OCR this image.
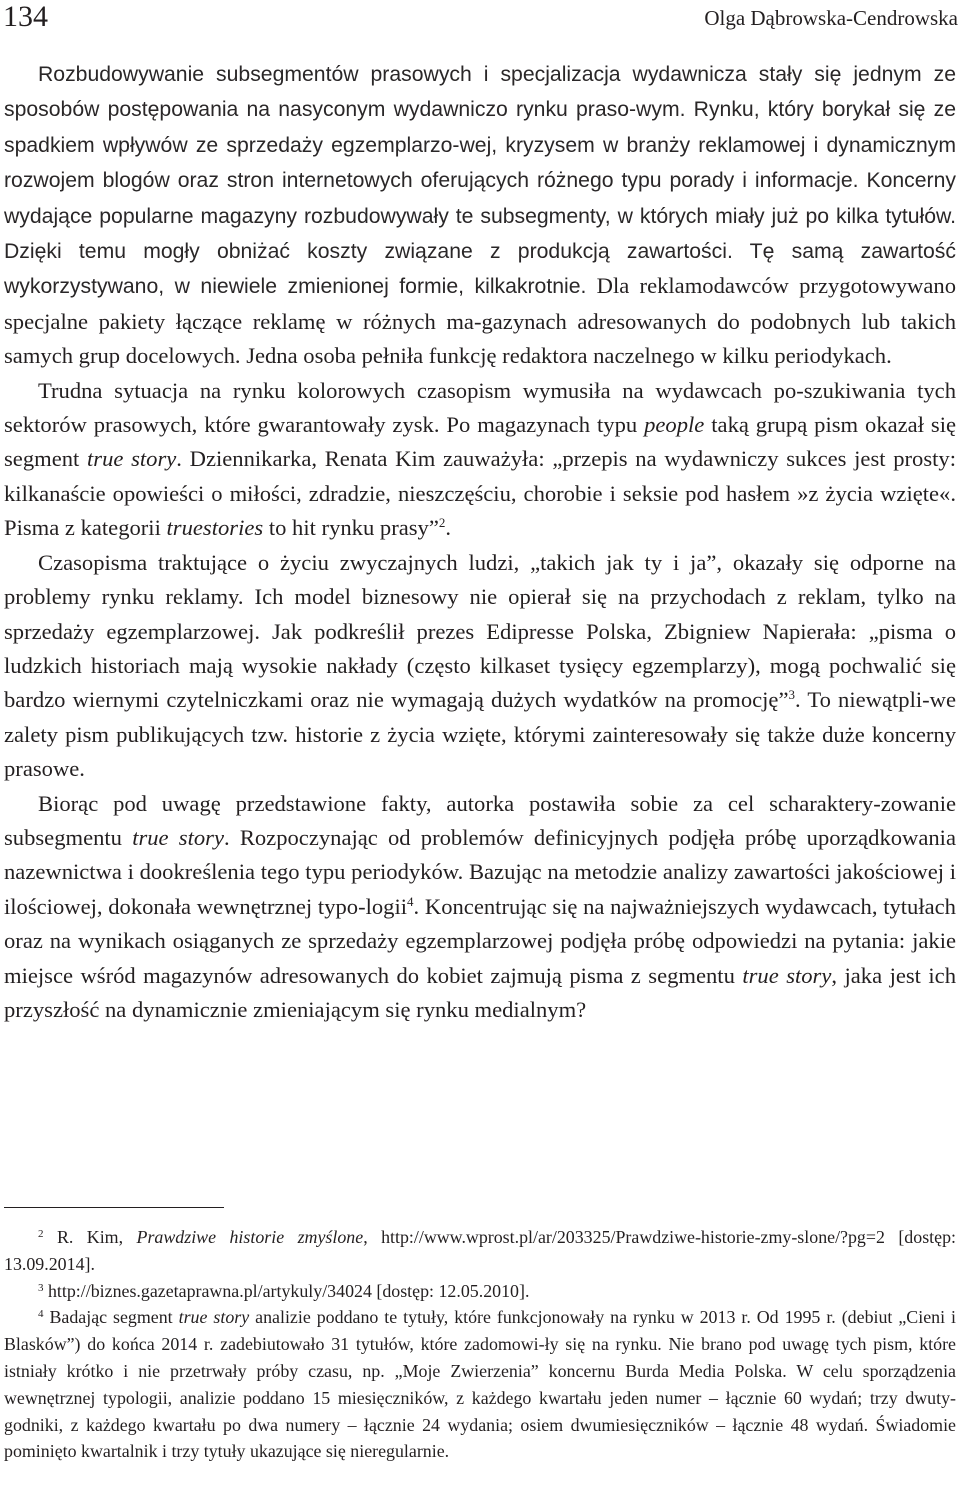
134	Olga Dąbrowska-Cendrowska

Rozbudowywanie subsegmentów prasowych i specjalizacja wydawnicza stały się jednym ze sposobów postępowania na nasyconym wydawniczo rynku praso-wym. Rynku, który borykał się ze spadkiem wpływów ze sprzedaży egzemplarzo-wej, kryzysem w branży reklamowej i dynamicznym rozwojem blogów oraz stron internetowych oferujących różnego typu porady i informacje. Koncerny wydające popularne magazyny rozbudowywały te subsegmenty, w których miały już po kilka tytułów. Dzięki temu mogły obniżać koszty związane z produkcją zawartości. Tę samą zawartość wykorzystywano, w niewiele zmienionej formie, kilkakrotnie. Dla reklamodawców przygotowywano specjalne pakiety łączące reklamę w różnych ma-gazynach adresowanych do podobnych lub takich samych grup docelowych. Jedna osoba pełniła funkcję redaktora naczelnego w kilku periodykach.

Trudna sytuacja na rynku kolorowych czasopism wymusiła na wydawcach po-szukiwania tych sektorów prasowych, które gwarantowały zysk. Po magazynach typu people taką grupą pism okazał się segment true story. Dziennikarka, Renata Kim zauważyła: „przepis na wydawniczy sukces jest prosty: kilkanaście opowieści o miłości, zdradzie, nieszczęściu, chorobie i seksie pod hasłem »z życia wzięte«. Pisma z kategorii truestories to hit rynku prasy”$^2$.

Czasopisma traktujące o życiu zwyczajnych ludzi, „takich jak ty i ja”, okazały się odporne na problemy rynku reklamy. Ich model biznesowy nie opierał się na przychodach z reklam, tylko na sprzedaży egzemplarzowej. Jak podkreślił prezes Edipresse Polska, Zbigniew Napierała: „pisma o ludzkich historiach mają wysokie nakłady (często kilkaset tysięcy egzemplarzy), mogą pochwalić się bardzo wiernymi czytelniczkami oraz nie wymagają dużych wydatków na promocję”$^3$. To niewątpli-we zalety pism publikujących tzw. historie z życia wzięte, którymi zainteresowały się także duże koncerny prasowe.

Biorąc pod uwagę przedstawione fakty, autorka postawiła sobie za cel scharaktery-zowanie subsegmentu true story. Rozpoczynając od problemów definicyjnych podjęła próbę uporządkowania nazewnictwa i dookreślenia tego typu periodyków. Bazując na metodzie analizy zawartości jakościowej i ilościowej, dokonała wewnętrznej typo-logii$^4$. Koncentrując się na najważniejszych wydawcach, tytułach oraz na wynikach osiąganych ze sprzedaży egzemplarzowej podjęła próbę odpowiedzi na pytania: jakie miejsce wśród magazynów adresowanych do kobiet zajmują pisma z segmentu true story, jaka jest ich przyszłość na dynamicznie zmieniającym się rynku medialnym?

$^2$ R. Kim, Prawdziwe historie zmyślone, http://www.wprost.pl/ar/203325/Prawdziwe-historie-zmy-slone/?pg=2 [dostęp: 13.09.2014].

$^3$ http://biznes.gazetaprawna.pl/artykuly/34024 [dostęp: 12.05.2010].

$^4$ Badając segment true story analizie poddano te tytuły, które funkcjonowały na rynku w 2013 r. Od 1995 r. (debiut „Cieni i Blasków”) do końca 2014 r. zadebiutowało 31 tytułów, które zadomowi-ły się na rynku. Nie brano pod uwagę tych pism, które istniały krótko i nie przetrwały próby czasu, np. „Moje Zwierzenia” koncernu Burda Media Polska. W celu sporządzenia wewnętrznej typologii, analizie poddano 15 miesięczników, z każdego kwartału jeden numer – łącznie 60 wydań; trzy dwuty-godniki, z każdego kwartału po dwa numery – łącznie 24 wydania; osiem dwumiesięczników – łącznie 48 wydań. Świadomie pominięto kwartalnik i trzy tytuły ukazujące się nieregularnie.
